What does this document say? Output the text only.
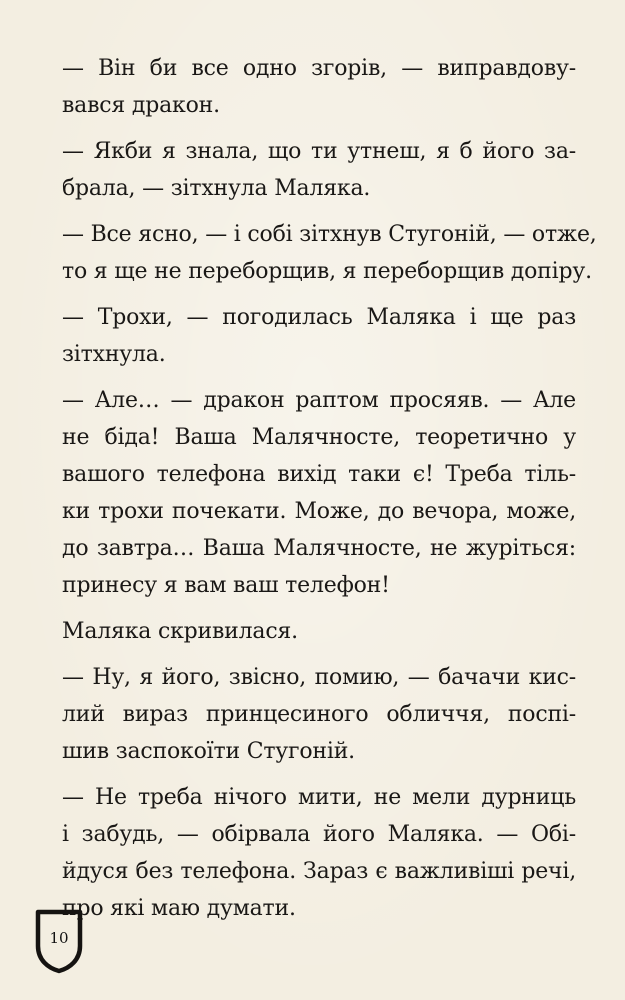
— Він би все одно згорів, — виправдову-
вався дракон.
— Якби я знала, що ти утнеш, я б його за-
брала, — зітхнула Маляка.
— Все ясно, — і собі зітхнув Стугоній, — отже,
то я ще не переборщив, я переборщив допіру.
— Трохи, — погодилась Маляка і ще раз
зітхнула.
— Але… — дракон раптом просяяв. — Але
не біда! Ваша Малячносте, теоретично у
вашого телефона вихід таки є! Треба тіль-
ки трохи почекати. Може, до вечора, може,
до завтра… Ваша Малячносте, не журіться:
принесу я вам ваш телефон!
Маляка скривилася.
— Ну, я його, звісно, помию, — бачачи кис-
лий вираз принцесиного обличчя, поспі-
шив заспокоїти Стугоній.
— Не треба нічого мити, не мели дурниць
і забудь, — обірвала його Маляка. — Обі-
йдуся без телефона. Зараз є важливіші речі,
про які маю думати.
10
